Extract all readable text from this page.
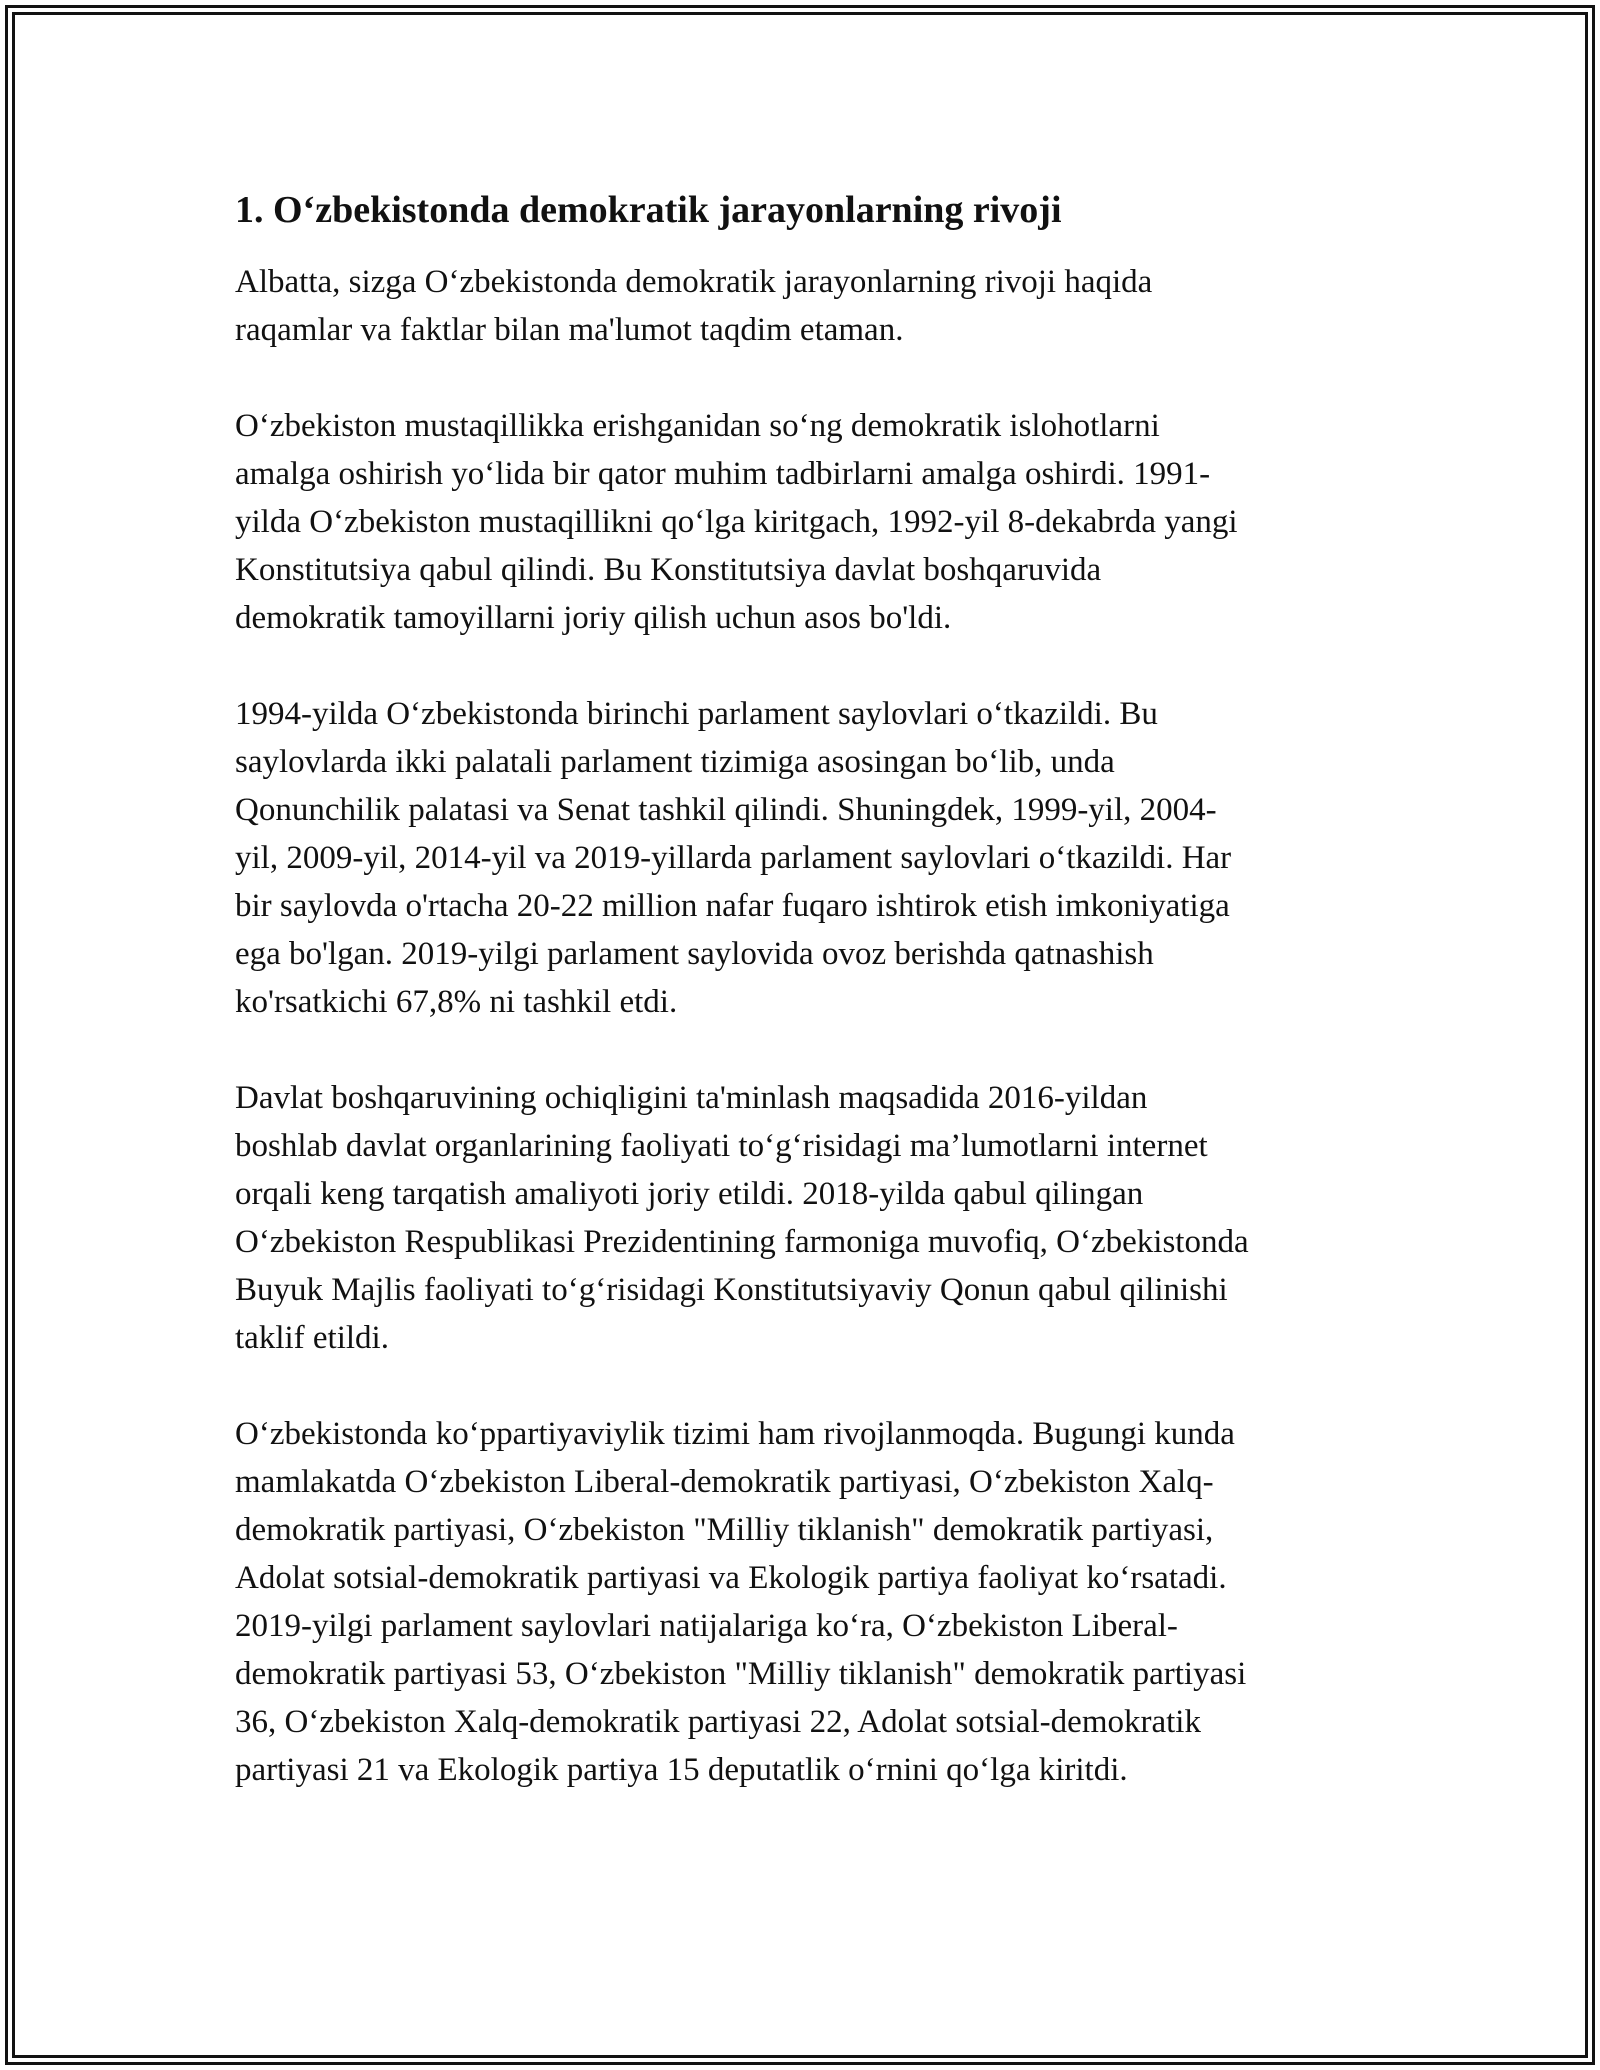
1. O‘zbekistonda demokratik jarayonlarning rivoji

Albatta, sizga O‘zbekistonda demokratik jarayonlarning rivoji haqida
raqamlar va faktlar bilan ma'lumot taqdim etaman.

O‘zbekiston mustaqillikka erishganidan so‘ng demokratik islohotlarni
amalga oshirish yo‘lida bir qator muhim tadbirlarni amalga oshirdi. 1991-
yilda O‘zbekiston mustaqillikni qo‘lga kiritgach, 1992-yil 8-dekabrda yangi
Konstitutsiya qabul qilindi. Bu Konstitutsiya davlat boshqaruvida
demokratik tamoyillarni joriy qilish uchun asos bo'ldi.

1994-yilda O‘zbekistonda birinchi parlament saylovlari o‘tkazildi. Bu
saylovlarda ikki palatali parlament tizimiga asosingan bo‘lib, unda
Qonunchilik palatasi va Senat tashkil qilindi. Shuningdek, 1999-yil, 2004-
yil, 2009-yil, 2014-yil va 2019-yillarda parlament saylovlari o‘tkazildi. Har
bir saylovda o'rtacha 20-22 million nafar fuqaro ishtirok etish imkoniyatiga
ega bo'lgan. 2019-yilgi parlament saylovida ovoz berishda qatnashish
ko'rsatkichi 67,8% ni tashkil etdi.

Davlat boshqaruvining ochiqligini ta'minlash maqsadida 2016-yildan
boshlab davlat organlarining faoliyati to‘g‘risidagi ma’lumotlarni internet
orqali keng tarqatish amaliyoti joriy etildi. 2018-yilda qabul qilingan
O‘zbekiston Respublikasi Prezidentining farmoniga muvofiq, O‘zbekistonda
Buyuk Majlis faoliyati to‘g‘risidagi Konstitutsiyaviy Qonun qabul qilinishi
taklif etildi.

O‘zbekistonda ko‘ppartiyaviylik tizimi ham rivojlanmoqda. Bugungi kunda
mamlakatda O‘zbekiston Liberal-demokratik partiyasi, O‘zbekiston Xalq-
demokratik partiyasi, O‘zbekiston "Milliy tiklanish" demokratik partiyasi,
Adolat sotsial-demokratik partiyasi va Ekologik partiya faoliyat ko‘rsatadi.
2019-yilgi parlament saylovlari natijalariga ko‘ra, O‘zbekiston Liberal-
demokratik partiyasi 53, O‘zbekiston "Milliy tiklanish" demokratik partiyasi
36, O‘zbekiston Xalq-demokratik partiyasi 22, Adolat sotsial-demokratik
partiyasi 21 va Ekologik partiya 15 deputatlik o‘rnini qo‘lga kiritdi.
